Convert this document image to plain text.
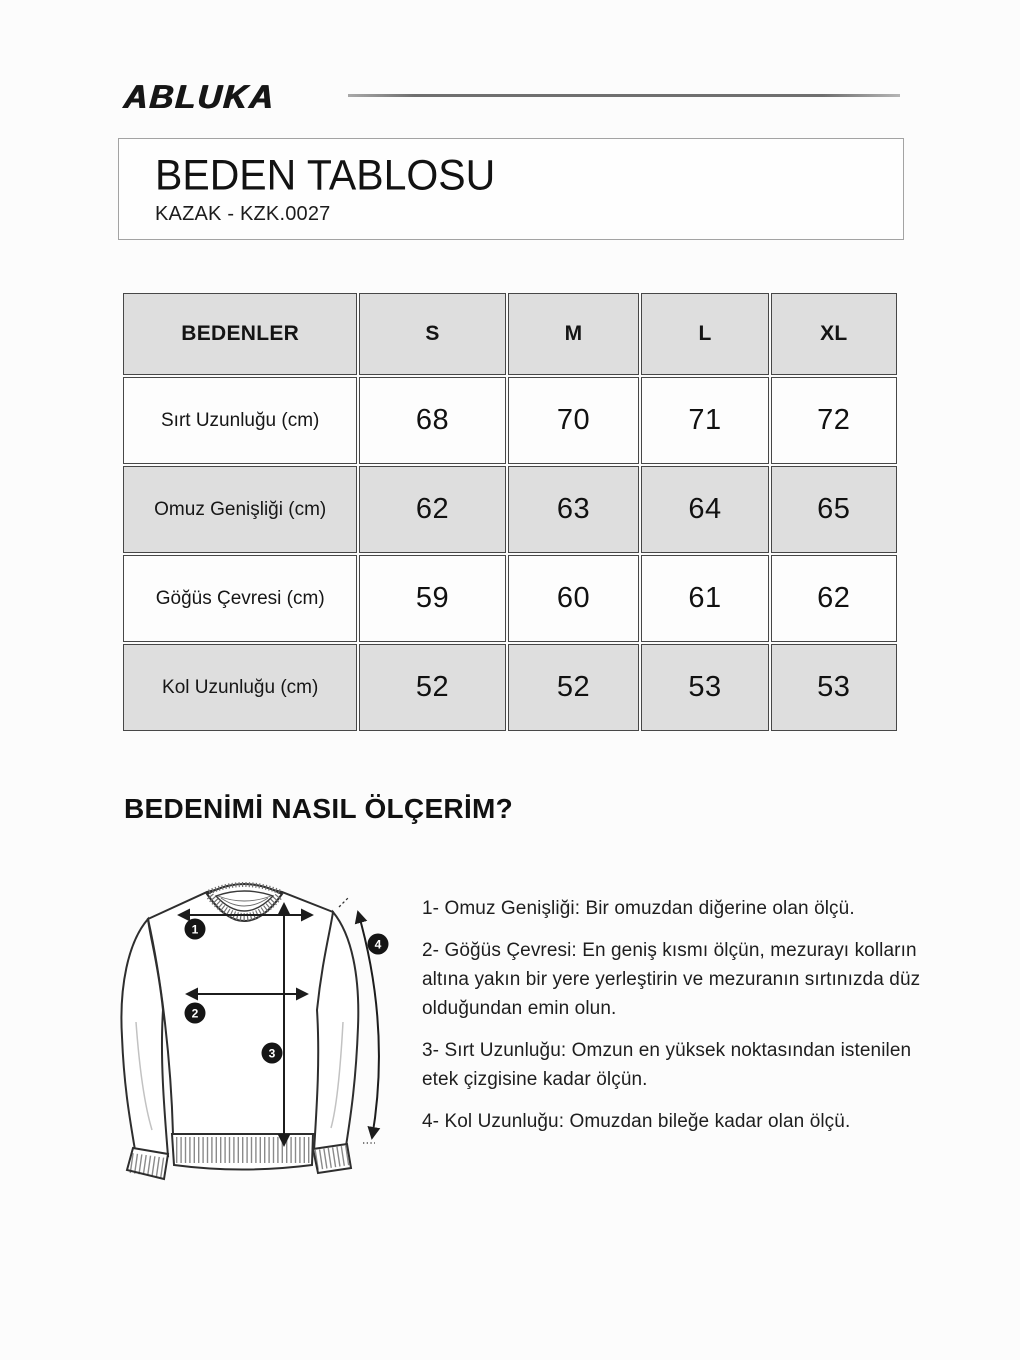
ABLUKA
BEDEN TABLOSU
KAZAK - KZK.0027
BEDENLER	S	M	L	XL
Sırt Uzunluğu (cm)	68	70	71	72
Omuz Genişliği (cm)	62	63	64	65
Göğüs Çevresi (cm)	59	60	61	62
Kol Uzunluğu (cm)	52	52	53	53
BEDENİMİ NASIL ÖLÇERİM?
1
2
3
4

1- Omuz Genişliği: Bir omuzdan diğerine olan ölçü.

2- Göğüs Çevresi: En geniş kısmı ölçün, mezurayı kolların altına yakın bir yere yerleştirin ve mezuranın sırtınızda düz olduğundan emin olun.

3- Sırt Uzunluğu: Omzun en yüksek noktasından istenilen etek çizgisine kadar ölçün.

4- Kol Uzunluğu: Omuzdan bileğe kadar olan ölçü.
